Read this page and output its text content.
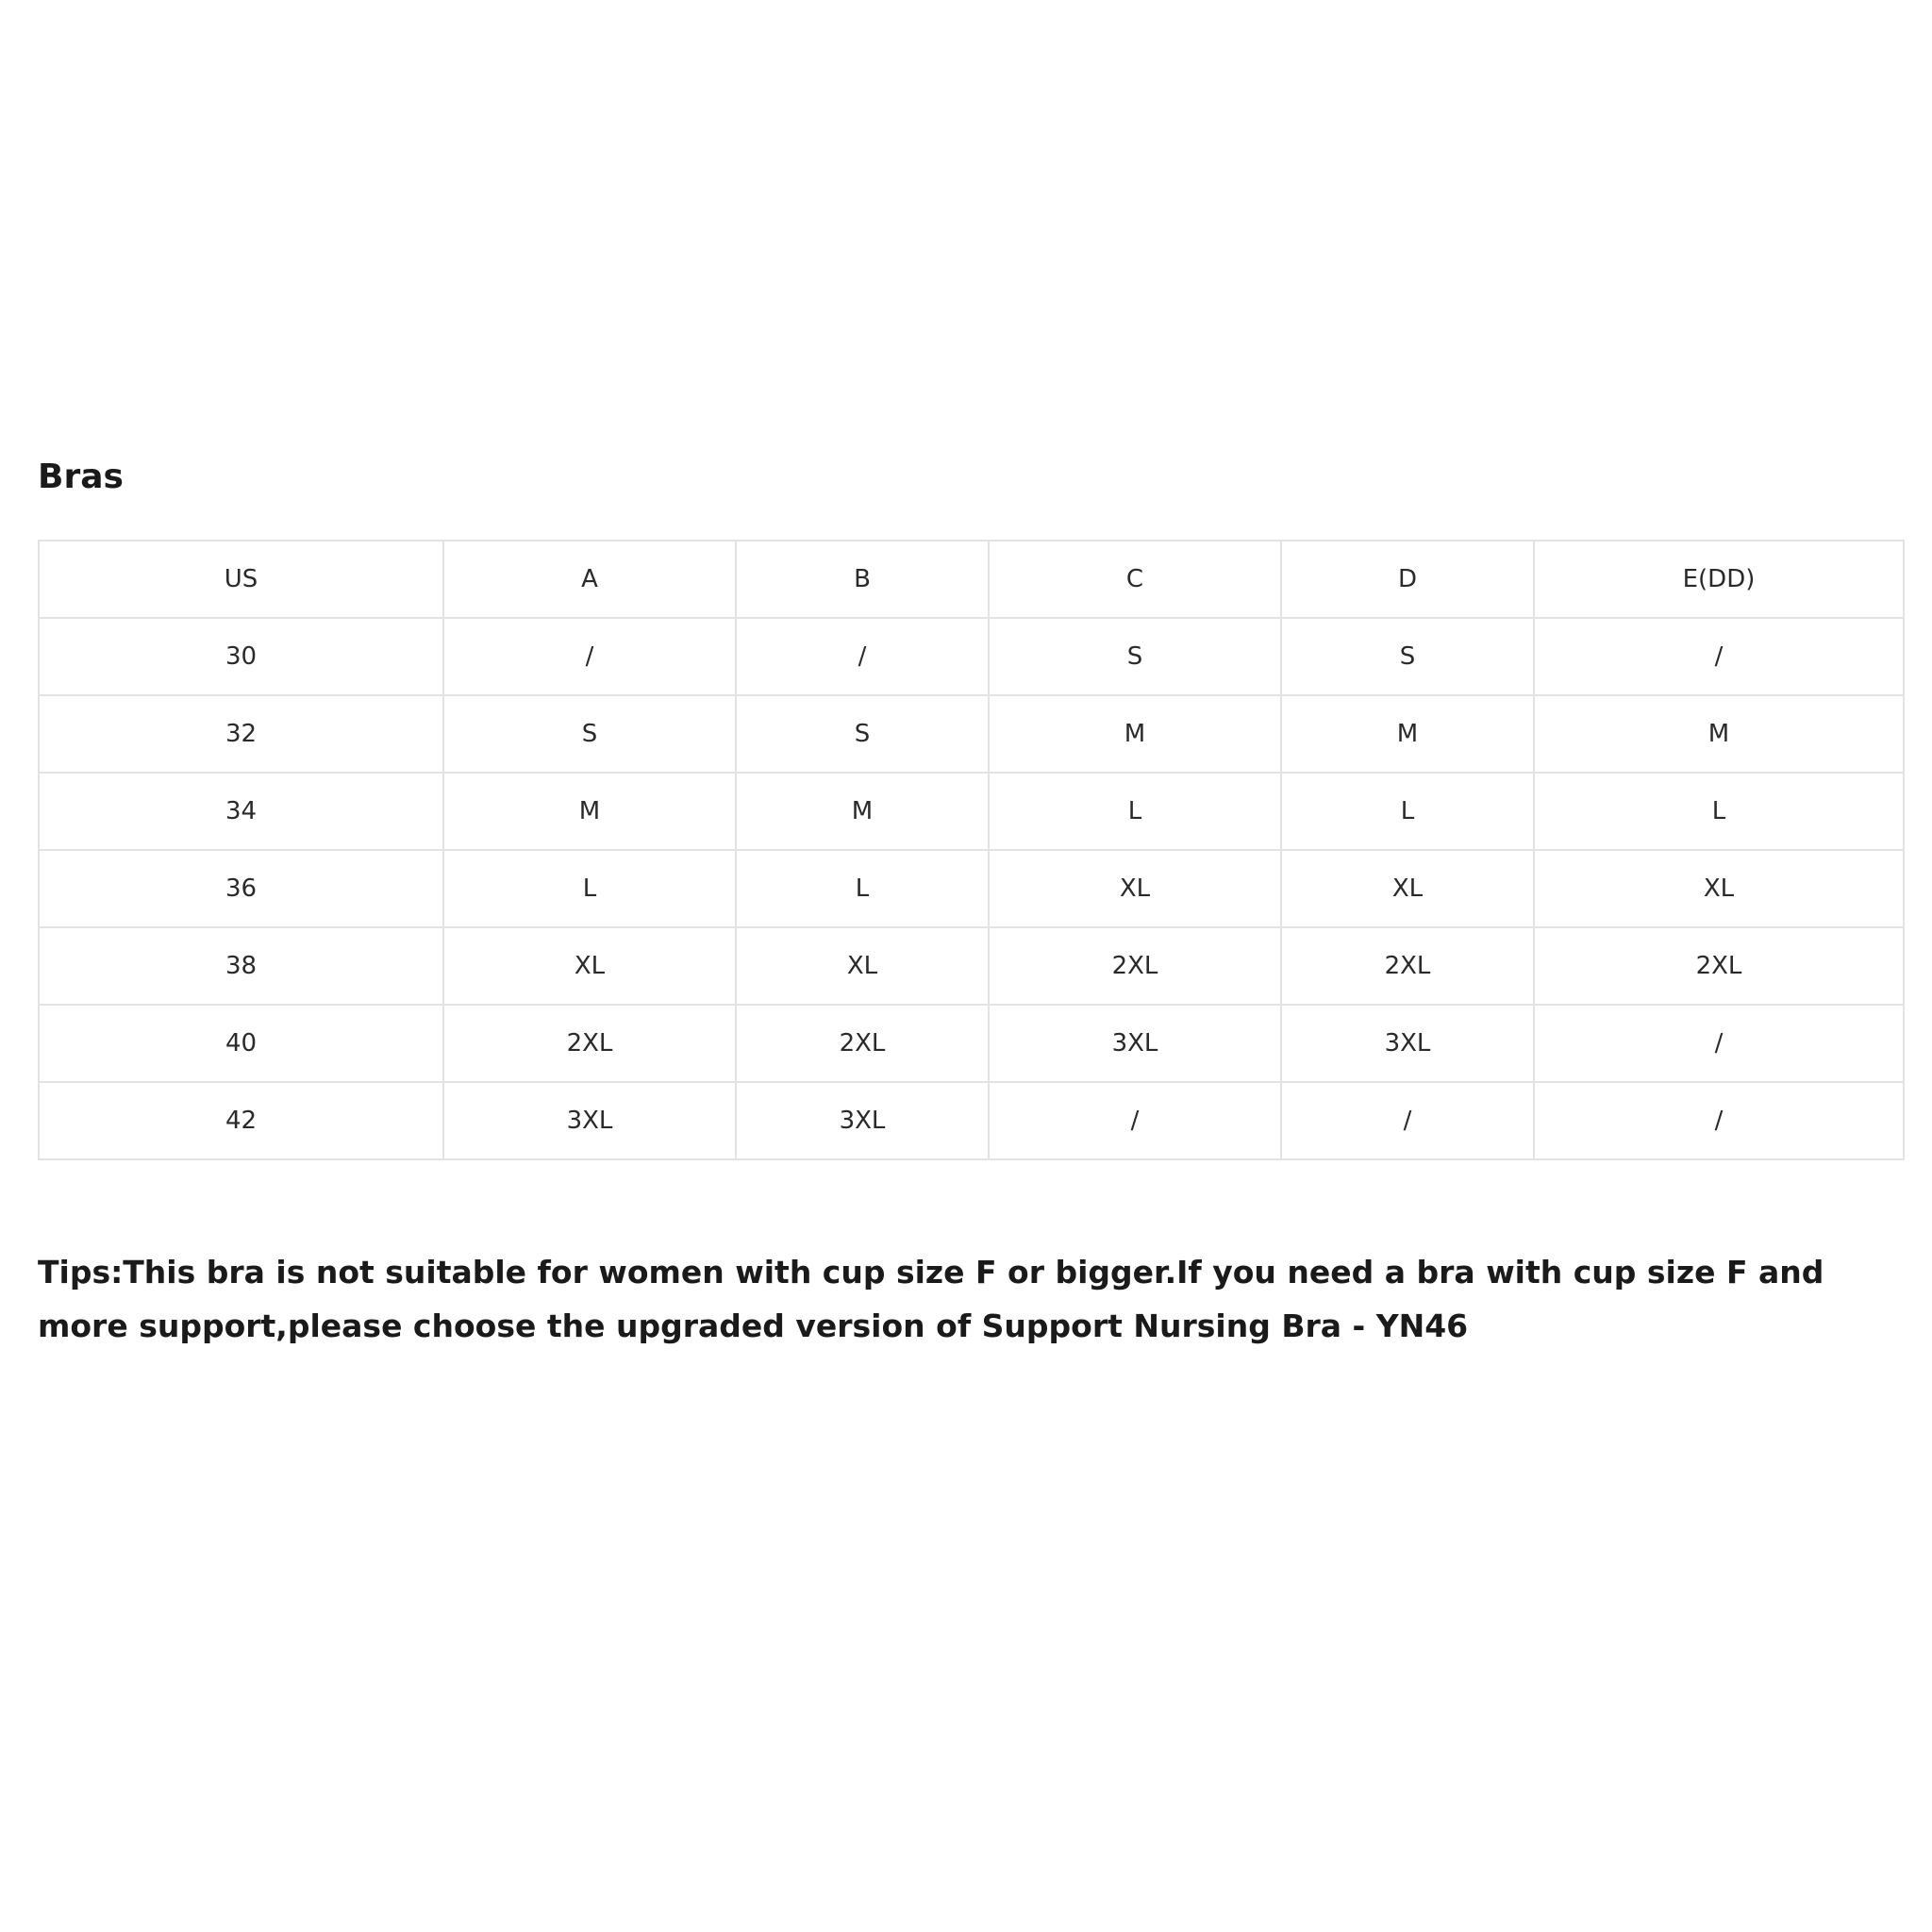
Bras
US	A	B	C	D	E(DD)
30	/	/	S	S	/
32	S	S	M	M	M
34	M	M	L	L	L
36	L	L	XL	XL	XL
38	XL	XL	2XL	2XL	2XL
40	2XL	2XL	3XL	3XL	/
42	3XL	3XL	/	/	/

Tips:This bra is not suitable for women with cup size F or bigger.If you need a bra with cup size F and more support,please choose the upgraded version of Support Nursing Bra - YN46
